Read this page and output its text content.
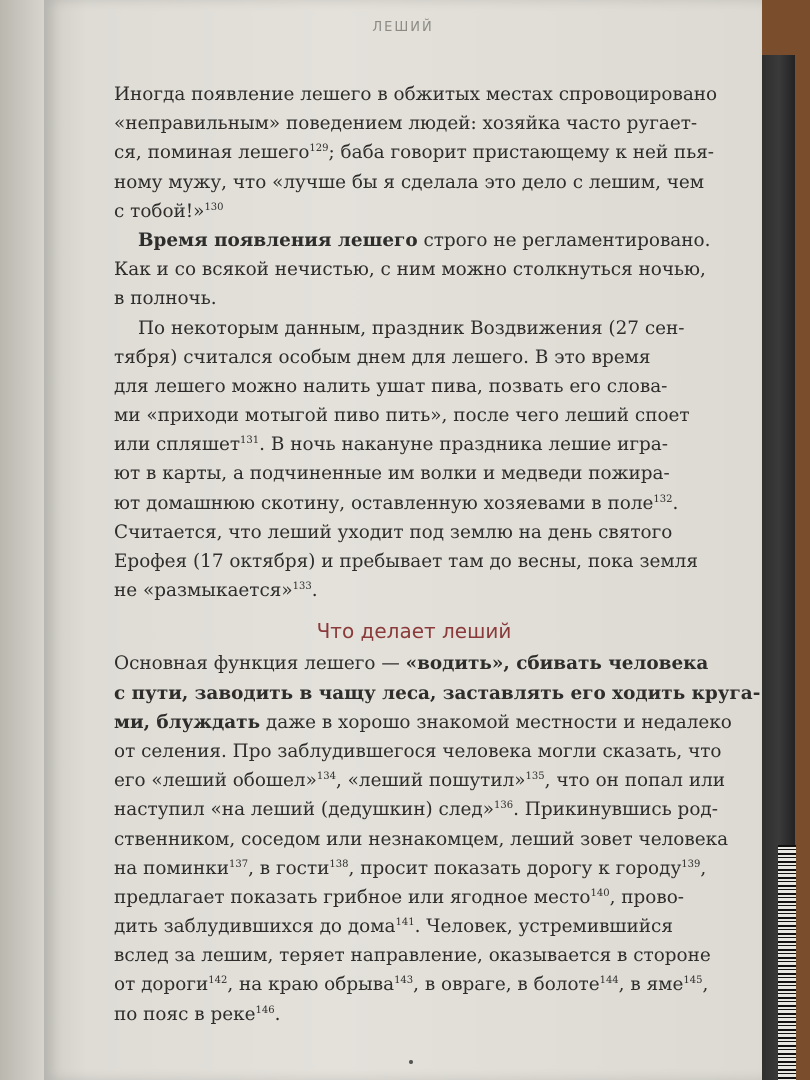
ЛЕШИЙ
Иногда появление лешего в обжитых местах спровоцировано
«неправильным» поведением людей: хозяйка часто ругает-
ся, поминая лешего$^{129}$; баба говорит пристающему к ней пья-
ному мужу, что «лучше бы я сделала это дело с лешим, чем
с тобой!»$^{130}$
Время появления лешего строго не регламентировано.
Как и со всякой нечистью, с ним можно столкнуться ночью,
в полночь.
По некоторым данным, праздник Воздвижения (27 сен-
тября) считался особым днем для лешего. В это время
для лешего можно налить ушат пива, позвать его слова-
ми «приходи мотыгой пиво пить», после чего леший споет
или спляшет$^{131}$. В ночь накануне праздника лешие игра-
ют в карты, а подчиненные им волки и медведи пожира-
ют домашнюю скотину, оставленную хозяевами в поле$^{132}$.
Считается, что леший уходит под землю на день святого
Ерофея (17 октября) и пребывает там до весны, пока земля
не «размыкается»$^{133}$.
Что делает леший
Основная функция лешего — «водить», сбивать человека
с пути, заводить в чащу леса, заставлять его ходить круга-
ми, блуждать даже в хорошо знакомой местности и недалеко
от селения. Про заблудившегося человека могли сказать, что
его «леший обошел»$^{134}$, «леший пошутил»$^{135}$, что он попал или
наступил «на леший (дедушкин) след»$^{136}$. Прикинувшись род-
ственником, соседом или незнакомцем, леший зовет человека
на поминки$^{137}$, в гости$^{138}$, просит показать дорогу к городу$^{139}$,
предлагает показать грибное или ягодное место$^{140}$, прово-
дить заблудившихся до дома$^{141}$. Человек, устремившийся
вслед за лешим, теряет направление, оказывается в стороне
от дороги$^{142}$, на краю обрыва$^{143}$, в овраге, в болоте$^{144}$, в яме$^{145}$,
по пояс в реке$^{146}$.
